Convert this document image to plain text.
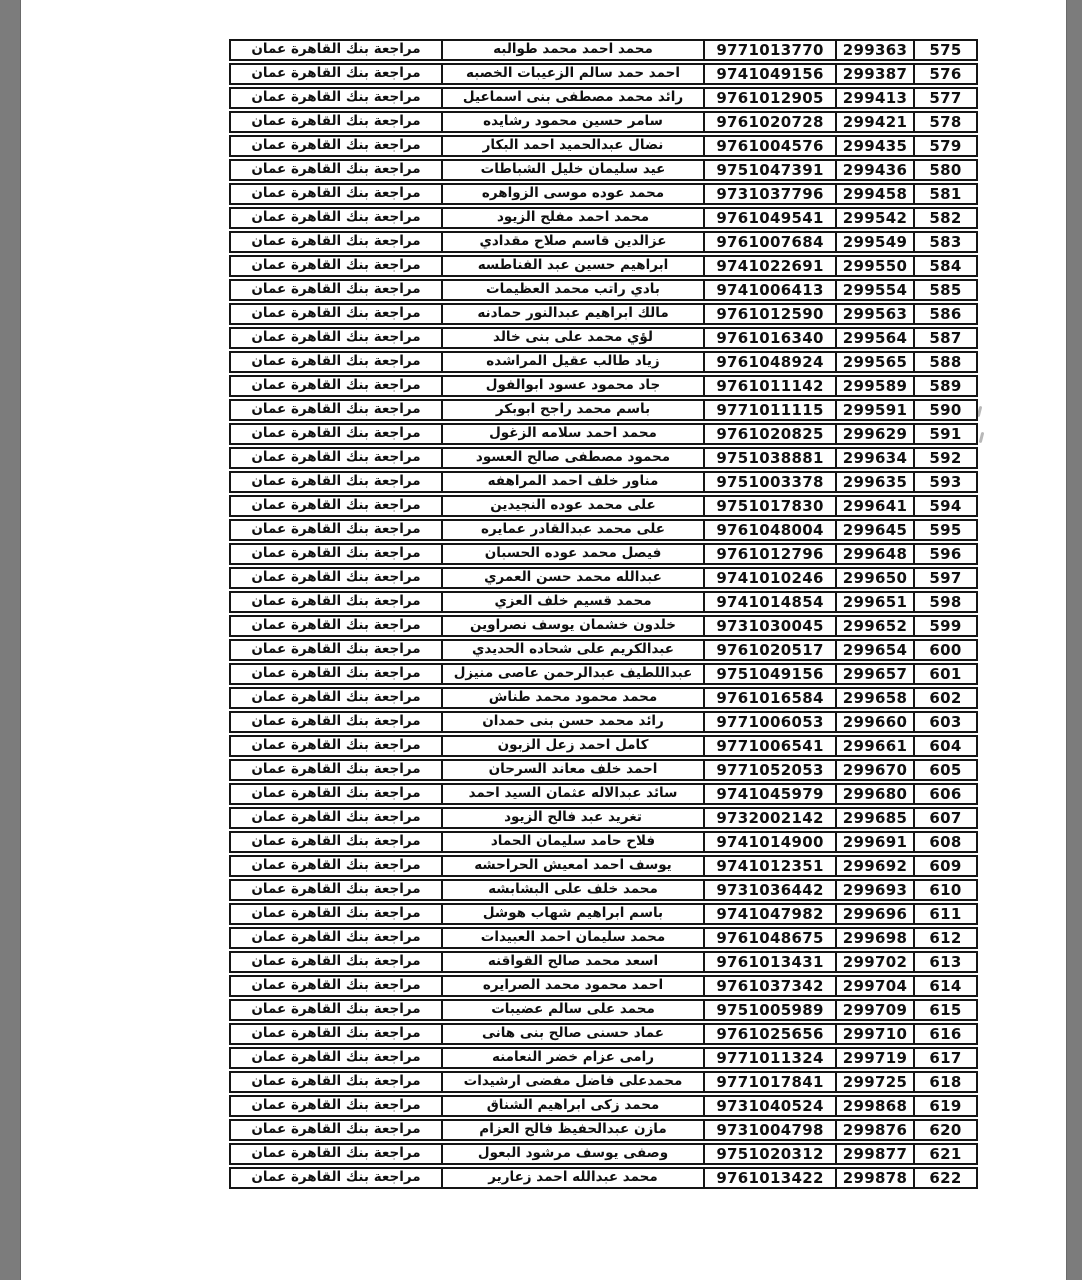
مراجعة بنك القاهرة عمان	محمد احمد محمد طوالبه	9771013770	299363	575
مراجعة بنك القاهرة عمان	احمد حمد سالم الزعيبات الخصبه	9741049156	299387	576
مراجعة بنك القاهرة عمان	رائد محمد مصطفى بنى اسماعيل	9761012905	299413	577
مراجعة بنك القاهرة عمان	سامر حسين محمود رشايده	9761020728	299421	578
مراجعة بنك القاهرة عمان	نضال عبدالحميد احمد البكار	9761004576	299435	579
مراجعة بنك القاهرة عمان	عيد سليمان خليل الشباطات	9751047391	299436	580
مراجعة بنك القاهرة عمان	محمد عوده موسى الزواهره	9731037796	299458	581
مراجعة بنك القاهرة عمان	محمد احمد مفلح الزيود	9761049541	299542	582
مراجعة بنك القاهرة عمان	عزالدين قاسم صلاح مقدادي	9761007684	299549	583
مراجعة بنك القاهرة عمان	ابراهيم حسين عبد الفناطسه	9741022691	299550	584
مراجعة بنك القاهرة عمان	بادي راتب محمد العظيمات	9741006413	299554	585
مراجعة بنك القاهرة عمان	مالك ابراهيم عبدالنور حمادنه	9761012590	299563	586
مراجعة بنك القاهرة عمان	لؤي محمد على بنى خالد	9761016340	299564	587
مراجعة بنك القاهرة عمان	زياد طالب عقيل المراشده	9761048924	299565	588
مراجعة بنك القاهرة عمان	جاد محمود عسود ابوالفول	9761011142	299589	589
مراجعة بنك القاهرة عمان	باسم محمد راجح ابوبكر	9771011115	299591	590
مراجعة بنك القاهرة عمان	محمد احمد سلامه الزغول	9761020825	299629	591
مراجعة بنك القاهرة عمان	محمود مصطفى صالح العسود	9751038881	299634	592
مراجعة بنك القاهرة عمان	مناور خلف احمد المراهفه	9751003378	299635	593
مراجعة بنك القاهرة عمان	على محمد عوده النجيدين	9751017830	299641	594
مراجعة بنك القاهرة عمان	على محمد عبدالقادر عمايره	9761048004	299645	595
مراجعة بنك القاهرة عمان	فيصل محمد عوده الحسبان	9761012796	299648	596
مراجعة بنك القاهرة عمان	عبدالله محمد حسن العمري	9741010246	299650	597
مراجعة بنك القاهرة عمان	محمد قسيم خلف العزي	9741014854	299651	598
مراجعة بنك القاهرة عمان	خلدون خشمان يوسف نصراوين	9731030045	299652	599
مراجعة بنك القاهرة عمان	عبدالكريم على شحاده الحديدي	9761020517	299654	600
مراجعة بنك القاهرة عمان	عبداللطيف عبدالرحمن عاصى منيزل	9751049156	299657	601
مراجعة بنك القاهرة عمان	محمد محمود محمد طناش	9761016584	299658	602
مراجعة بنك القاهرة عمان	رائد محمد حسن بنى حمدان	9771006053	299660	603
مراجعة بنك القاهرة عمان	كامل احمد زعل الزبون	9771006541	299661	604
مراجعة بنك القاهرة عمان	احمد خلف معاند السرحان	9771052053	299670	605
مراجعة بنك القاهرة عمان	سائد عبدالاله عثمان السيد احمد	9741045979	299680	606
مراجعة بنك القاهرة عمان	تغريد عبد فالح الزيود	9732002142	299685	607
مراجعة بنك القاهرة عمان	فلاح حامد سليمان الحماد	9741014900	299691	608
مراجعة بنك القاهرة عمان	يوسف احمد امعيش الحراحشه	9741012351	299692	609
مراجعة بنك القاهرة عمان	محمد خلف على البشابشه	9731036442	299693	610
مراجعة بنك القاهرة عمان	باسم ابراهيم شهاب هوشل	9741047982	299696	611
مراجعة بنك القاهرة عمان	محمد سليمان احمد العبيدات	9761048675	299698	612
مراجعة بنك القاهرة عمان	اسعد محمد صالح القواقنه	9761013431	299702	613
مراجعة بنك القاهرة عمان	احمد محمود محمد الصرايره	9761037342	299704	614
مراجعة بنك القاهرة عمان	محمد على سالم عضيبات	9751005989	299709	615
مراجعة بنك القاهرة عمان	عماد حسنى صالح بنى هانى	9761025656	299710	616
مراجعة بنك القاهرة عمان	رامى عزام خضر النعامنه	9771011324	299719	617
مراجعة بنك القاهرة عمان	محمدعلى فاضل مفضى ارشيدات	9771017841	299725	618
مراجعة بنك القاهرة عمان	محمد زكى ابراهيم الشناق	9731040524	299868	619
مراجعة بنك القاهرة عمان	مازن عبدالحفيظ فالح العزام	9731004798	299876	620
مراجعة بنك القاهرة عمان	وصفى يوسف مرشود البعول	9751020312	299877	621
مراجعة بنك القاهرة عمان	محمد عبدالله احمد زعارير	9761013422	299878	622
